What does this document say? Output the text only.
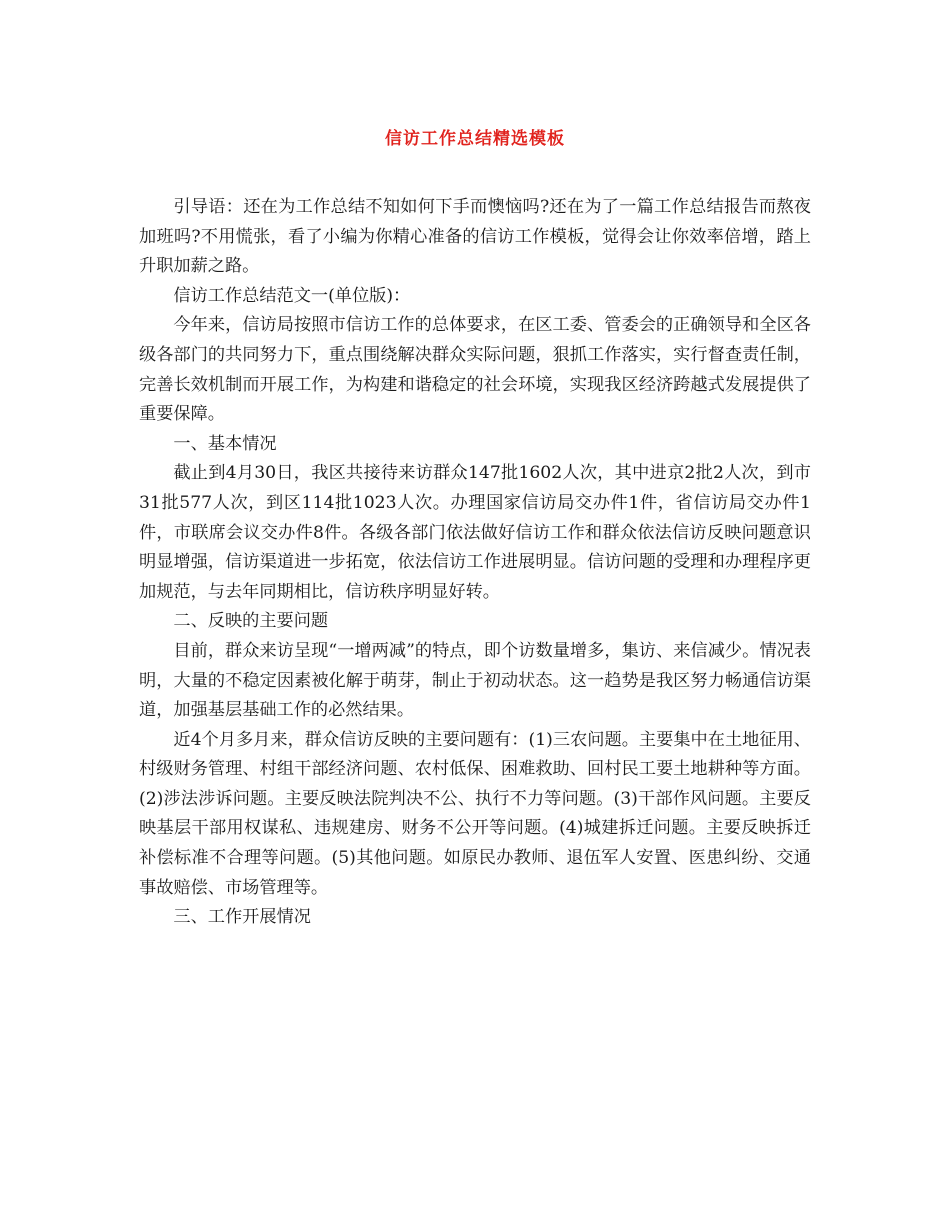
信访工作总结精选模板

引导语：还在为工作总结不知如何下手而懊恼吗?还在为了一篇工作总结报告而熬夜加班吗?不用慌张，看了小编为你精心准备的信访工作模板，觉得会让你效率倍增，踏上升职加薪之路。

信访工作总结范文一(单位版)：

今年来，信访局按照市信访工作的总体要求，在区工委、管委会的正确领导和全区各级各部门的共同努力下，重点围绕解决群众实际问题，狠抓工作落实，实行督查责任制，完善长效机制而开展工作，为构建和谐稳定的社会环境，实现我区经济跨越式发展提供了重要保障。

一、基本情况

截止到4月30日，我区共接待来访群众147批1602人次，其中进京2批2人次，到市31批577人次，到区114批1023人次。办理国家信访局交办件1件，省信访局交办件1件，市联席会议交办件8件。各级各部门依法做好信访工作和群众依法信访反映问题意识明显增强，信访渠道进一步拓宽，依法信访工作进展明显。信访问题的受理和办理程序更加规范，与去年同期相比，信访秩序明显好转。

二、反映的主要问题

目前，群众来访呈现“一增两减”的特点，即个访数量增多，集访、来信减少。情况表明，大量的不稳定因素被化解于萌芽，制止于初动状态。这一趋势是我区努力畅通信访渠道，加强基层基础工作的必然结果。

近4个月多月来，群众信访反映的主要问题有：(1)三农问题。主要集中在土地征用、村级财务管理、村组干部经济问题、农村低保、困难救助、回村民工要土地耕种等方面。(2)涉法涉诉问题。主要反映法院判决不公、执行不力等问题。(3)干部作风问题。主要反映基层干部用权谋私、违规建房、财务不公开等问题。(4)城建拆迁问题。主要反映拆迁补偿标准不合理等问题。(5)其他问题。如原民办教师、退伍军人安置、医患纠纷、交通事故赔偿、市场管理等。

三、工作开展情况
